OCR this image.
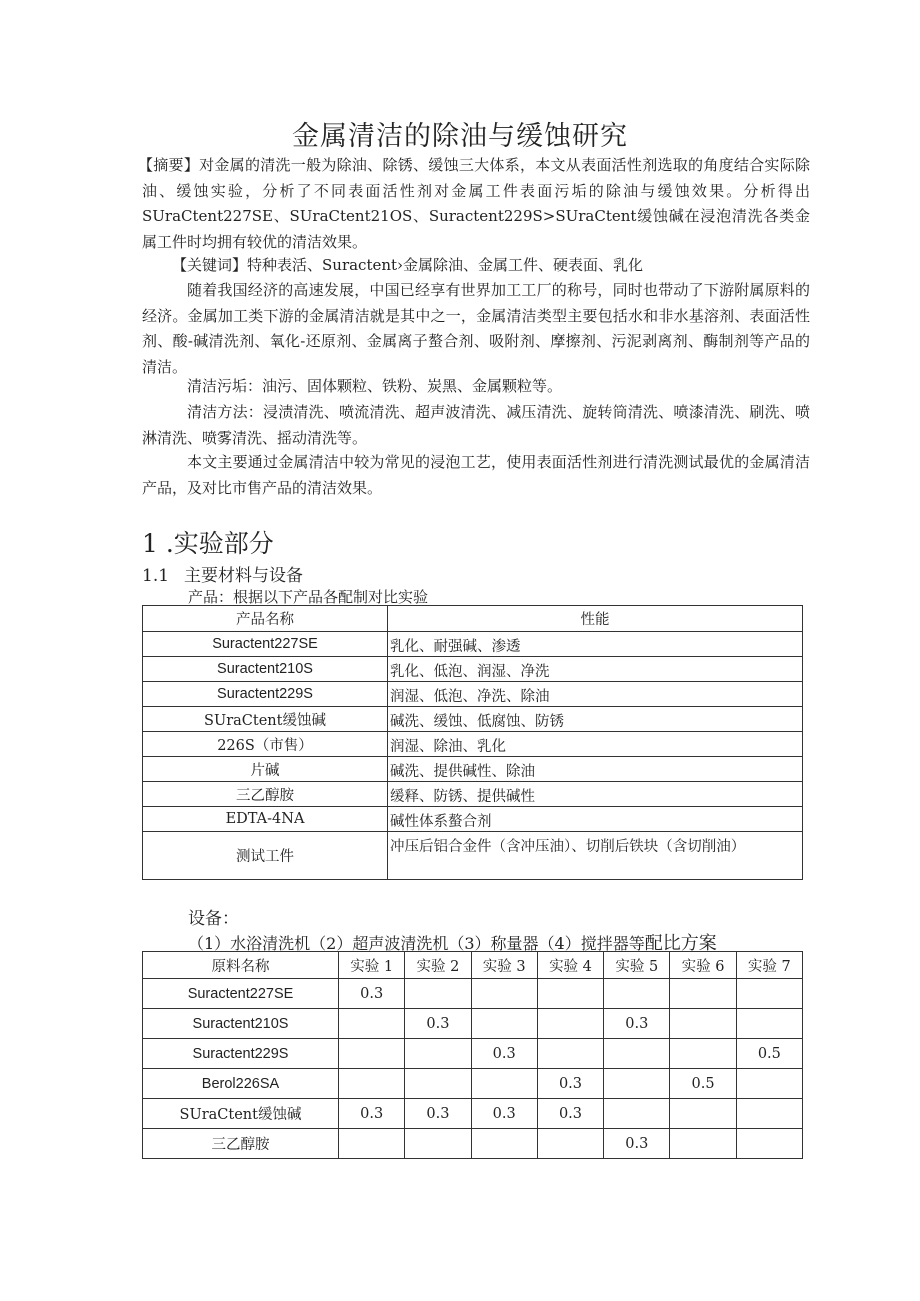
金属清洁的除油与缓蚀研究
【摘要】对金属的清洗一般为除油、除锈、缓蚀三大体系，本文从表面活性剂选取的角度结合实际除油、缓蚀实验，分析了不同表面活性剂对金属工件表面污垢的除油与缓蚀效果。分析得出SUraCtent227SE、SUraCtent21OS、Suractent229S>SUraCtent缓蚀碱在浸泡清洗各类金属工件时均拥有较优的清洁效果。
【关键词】特种表活、Suractent›金属除油、金属工件、硬表面、乳化
随着我国经济的高速发展，中国已经享有世界加工工厂的称号，同时也带动了下游附属原料的经济。金属加工类下游的金属清洁就是其中之一，金属清洁类型主要包括水和非水基溶剂、表面活性剂、酸-碱清洗剂、氧化-还原剂、金属离子螯合剂、吸附剂、摩擦剂、污泥剥离剂、酶制剂等产品的清洁。
清洁污垢：油污、固体颗粒、铁粉、炭黑、金属颗粒等。
清洁方法：浸渍清洗、喷流清洗、超声波清洗、减压清洗、旋转筒清洗、喷漆清洗、刷洗、喷淋清洗、喷雾清洗、摇动清洗等。
本文主要通过金属清洁中较为常见的浸泡工艺，使用表面活性剂进行清洗测试最优的金属清洁产品，及对比市售产品的清洁效果。
1 .实验部分
1.1 主要材料与设备
产品：根据以下产品各配制对比实验
产品名称	性能
Suractent227SE	乳化、耐强碱、渗透
Suractent210S	乳化、低泡、润湿、净洗
Suractent229S	润湿、低泡、净洗、除油
SUraCtent缓蚀碱	碱洗、缓蚀、低腐蚀、防锈
226S（市售）	润湿、除油、乳化
片碱	碱洗、提供碱性、除油
三乙醇胺	缓释、防锈、提供碱性
EDTA-4NA	碱性体系螯合剂
测试工件	冲压后铝合金件（含冲压油）、切削后铁块（含切削油）
设备：
（1）水浴清洗机（2）超声波清洗机（3）称量器（4）搅拌器等配比方案
原料名称	实验 1	实验 2	实验 3	实验 4	实验 5	实验 6	实验 7
Suractent227SE	0.3						
Suractent210S		0.3			0.3		
Suractent229S			0.3				0.5
Berol226SA				0.3		0.5	
SUraCtent缓蚀碱	0.3	0.3	0.3	0.3			
三乙醇胺					0.3		
